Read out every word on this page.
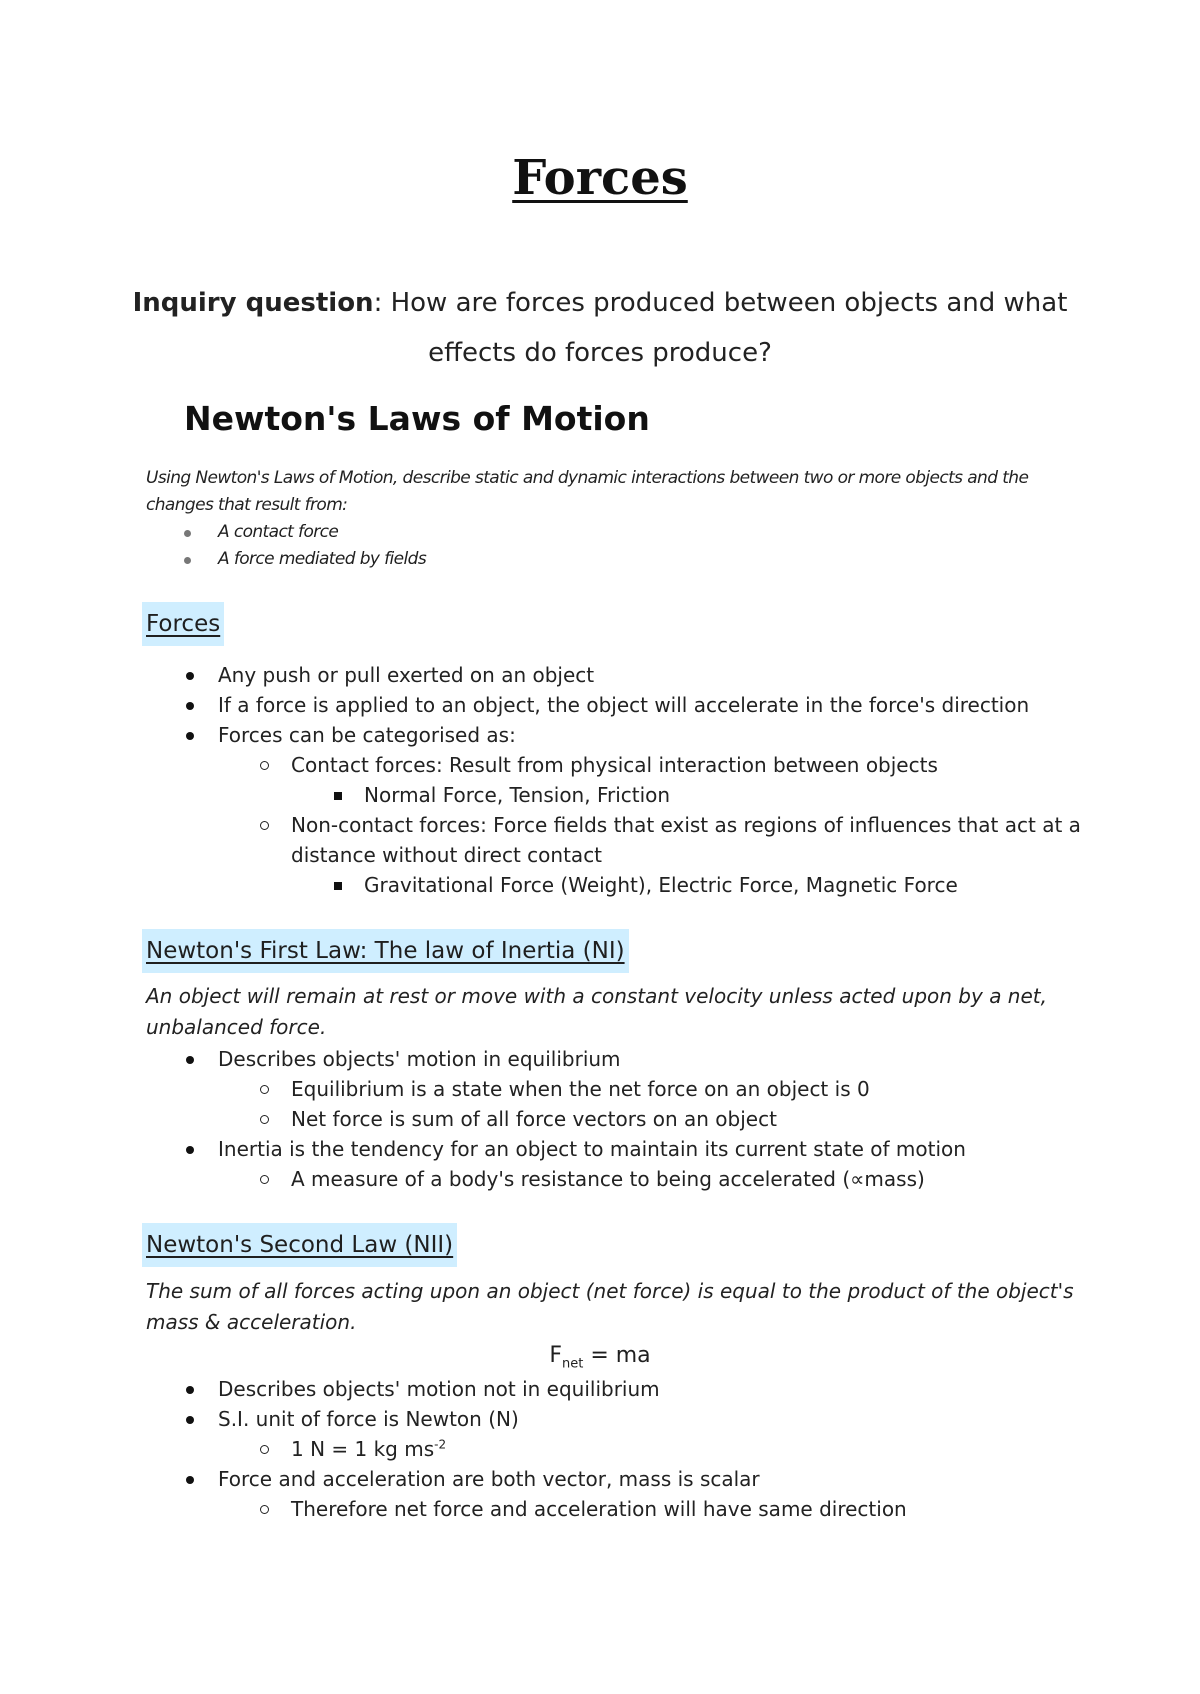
Forces

Inquiry question: How are forces produced between objects and what effects do forces produce?

Newton's Laws of Motion

Using Newton's Laws of Motion, describe static and dynamic interactions between two or more objects and the changes that result from:

A contact force
A force mediated by fields
Forces
Any push or pull exerted on an object
If a force is applied to an object, the object will accelerate in the force's direction
Forces can be categorised as:
Contact forces: Result from physical interaction between objects
Normal Force, Tension, Friction
Non-contact forces: Force fields that exist as regions of influences that act at a distance without direct contact
Gravitational Force (Weight), Electric Force, Magnetic Force
Newton's First Law: The law of Inertia (NI)

An object will remain at rest or move with a constant velocity unless acted upon by a net, unbalanced force.

Describes objects' motion in equilibrium
Equilibrium is a state when the net force on an object is 0
Net force is sum of all force vectors on an object
Inertia is the tendency for an object to maintain its current state of motion
A measure of a body's resistance to being accelerated (∝mass)
Newton's Second Law (NII)

The sum of all forces acting upon an object (net force) is equal to the product of the object's mass & acceleration.

$F_{net}$ = ma

Describes objects' motion not in equilibrium
S.I. unit of force is Newton (N)
1 N = 1 kg $ms^{-2}$
Force and acceleration are both vector, mass is scalar
Therefore net force and acceleration will have same direction
